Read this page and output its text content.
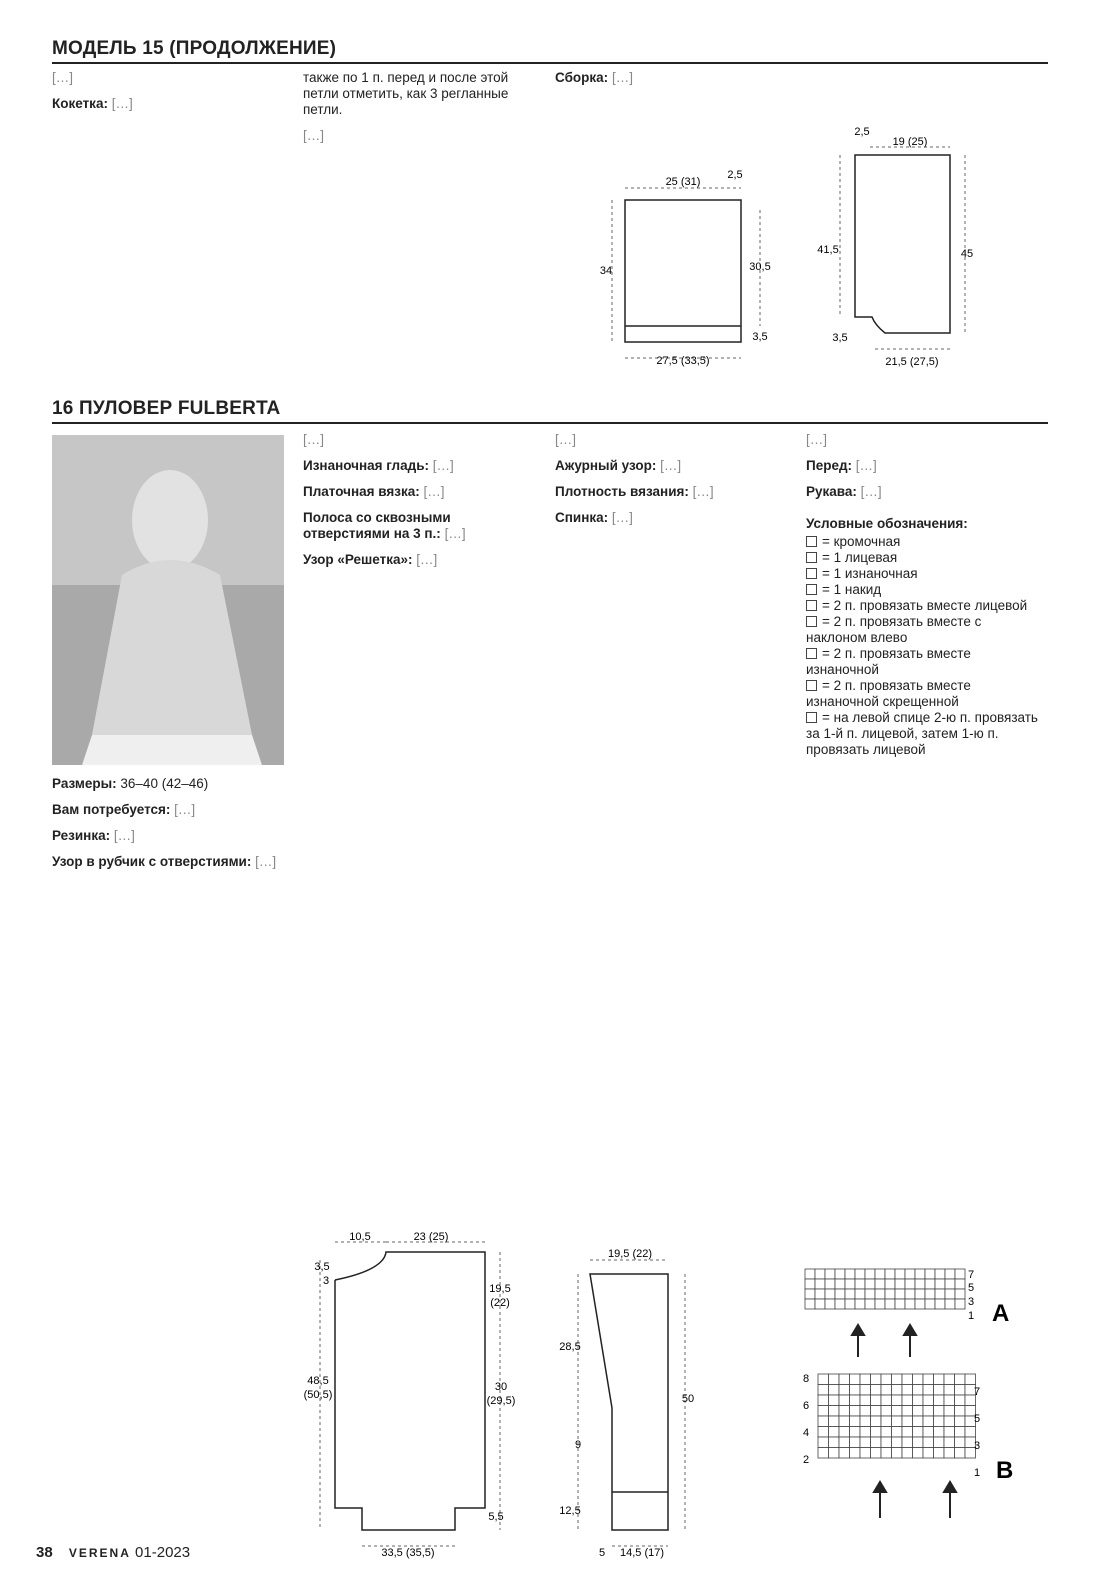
МОДЕЛЬ 15 (ПРОДОЛЖЕНИЕ)

[…]

Кокетка: […]

также по 1 п. перед и после этой петли отметить, как 3 регланные петли.

[…]

Сборка: […]

25 (31)
2,5
34	30,5
3,5
27,5 (33,5)
2,5
19 (25)
41,5	45
3,5
21,5 (27,5)
16 ПУЛОВЕР FULBERTA

Размеры: 36–40 (42–46)

Вам потребуется: […]

Резинка: […]

Узор в рубчик с отверстиями: […]

[…]

Изнаночная гладь: […]

Платочная вязка: […]

Полоса со сквозными отверстиями на 3 п.: […]

Узор «Решетка»: […]

[…]

Ажурный узор: […]

Плотность вязания: […]

Спинка: […]

[…]

Перед: […]

Рукава: […]

Условные обозначения:

= кромочная
= 1 лицевая
= 1 изнаночная
= 1 накид
= 2 п. провязать вместе лицевой
= 2 п. провязать вместе с наклоном влево
= 2 п. провязать вместе изнаночной
= 2 п. провязать вместе изнаночной скрещенной
= на левой спице 2-ю п. провязать за 1-й п. лицевой, затем 1-ю п. провязать лицевой
10,5	23 (25)
3,5
3
19,5
(22)
48,5
(50,5)
30
(29,5)
5,5
33,5 (35,5)
19,5 (22)
28,5
9
12,5
50
5 14,5 (17)
7
5
3
1 A
8
6
4
2
7
5
3
1 B
38 VERENA 01-2023
